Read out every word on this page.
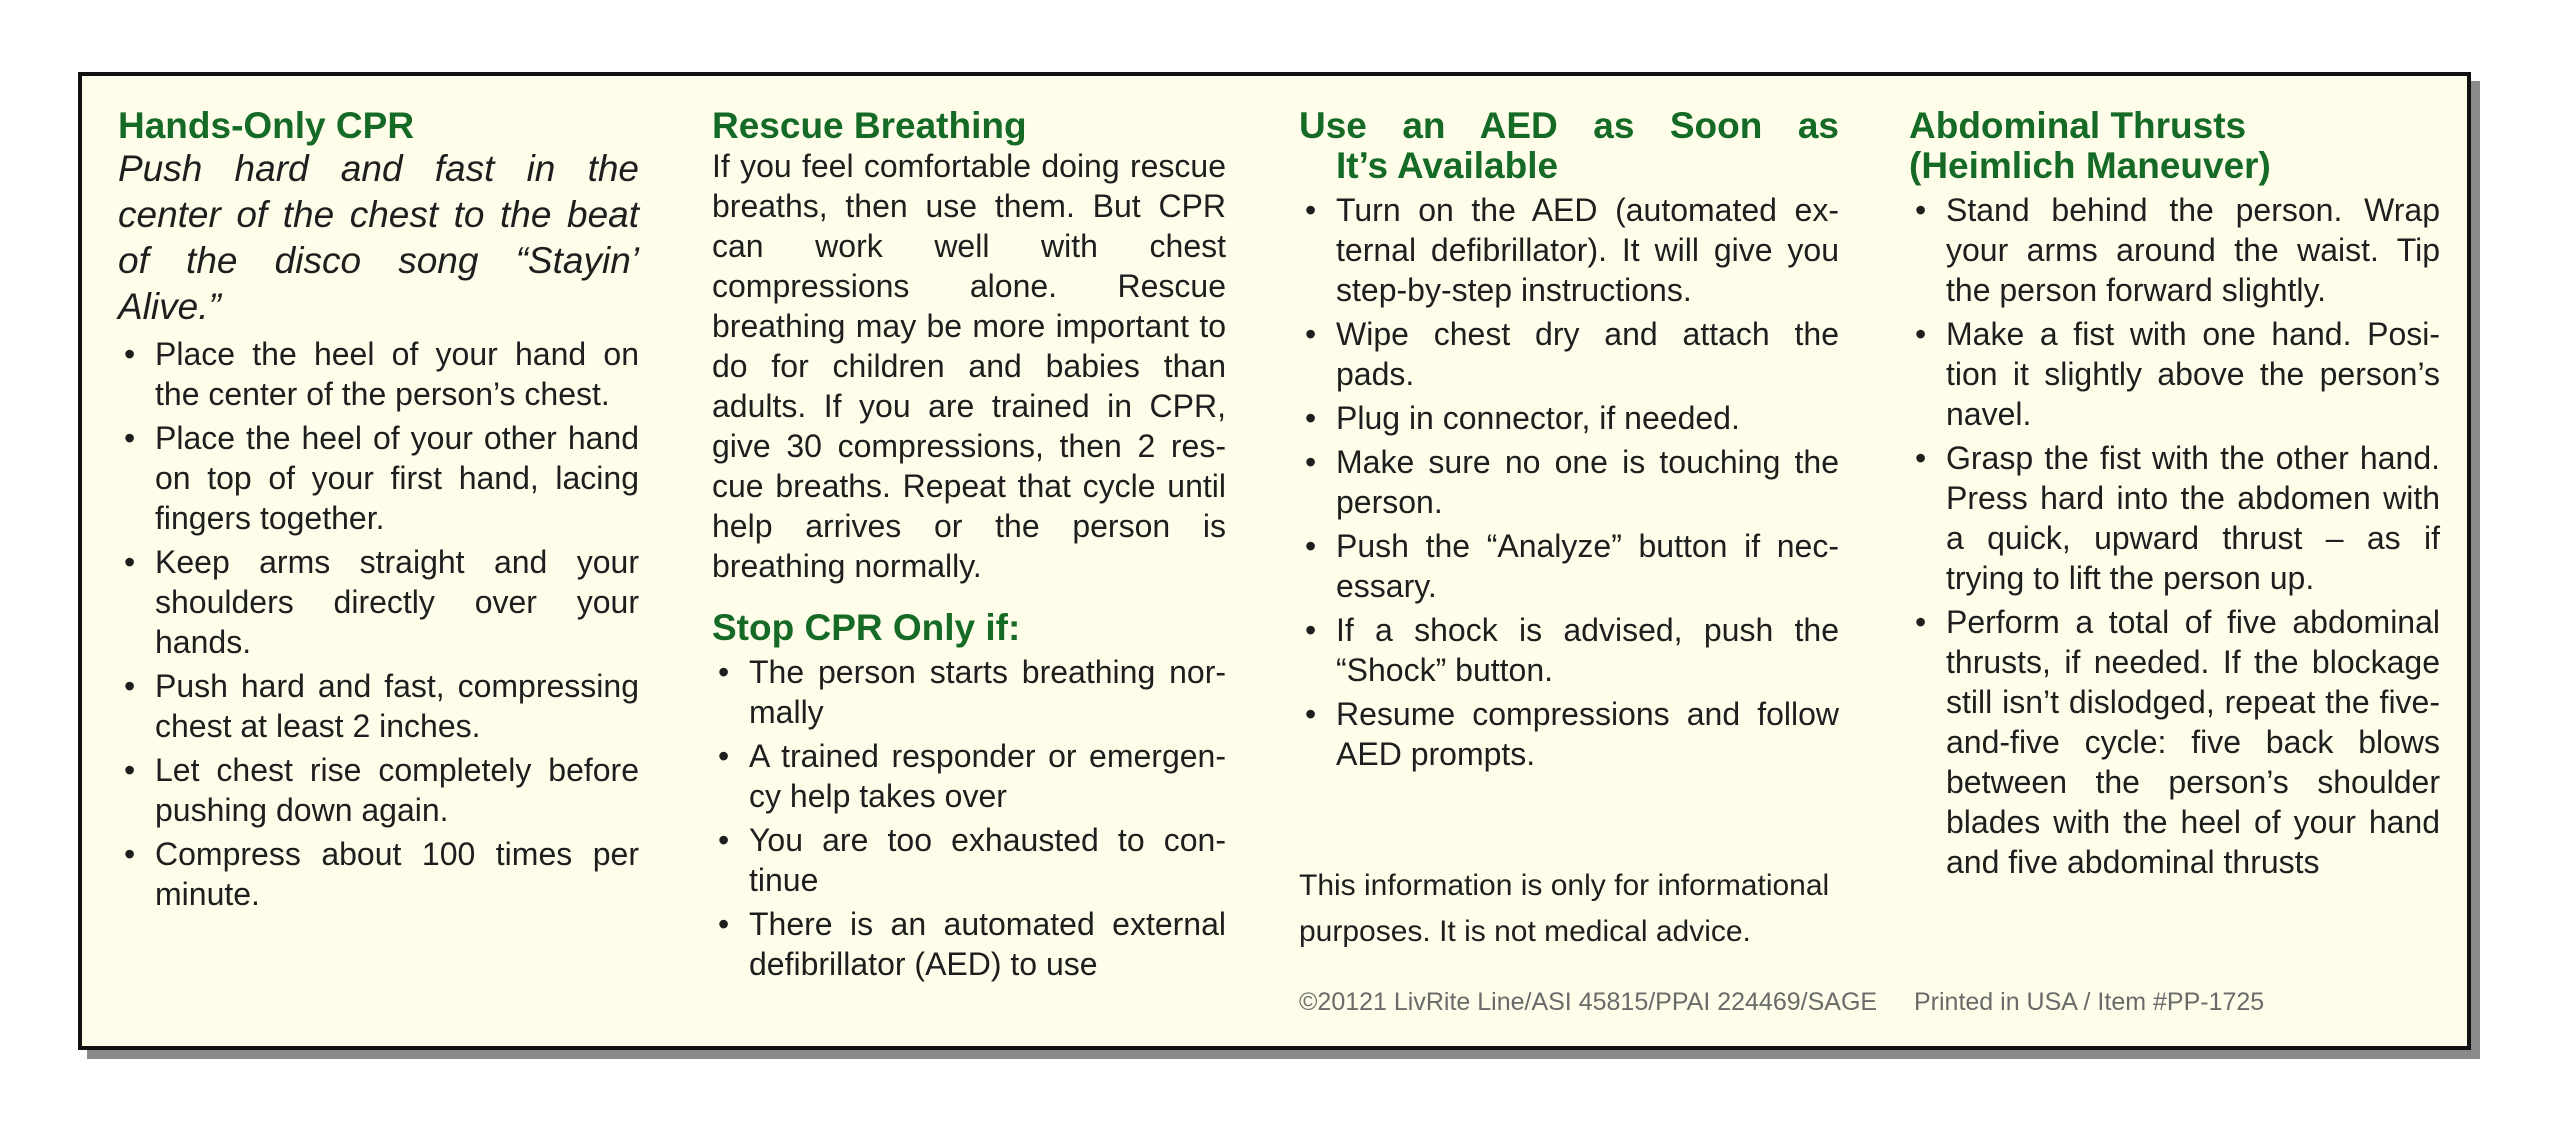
Hands-Only CPR

Push hard and fast in the center of the chest to the beat of the disco song “Stayin’ Alive.”

• Place the heel of your hand on the center of the person’s chest.
• Place the heel of your other hand on top of your first hand, lacing fingers together.
• Keep arms straight and your shoulders directly over your hands.
• Push hard and fast, compressing chest at least 2 inches.
• Let chest rise completely before pushing down again.
• Compress about 100 times per minute.
Rescue Breathing

If you feel comfortable doing rescue breaths, then use them. But CPR can work well with chest compressions alone. Rescue breathing may be more important to do for children and babies than adults. If you are trained in CPR, give 30 compressions, then 2 rescue breaths. Repeat that cycle until help arrives or the person is breathing normally.

Stop CPR Only if:
• The person starts breathing normally
• A trained responder or emergency help takes over
• You are too exhausted to continue
• There is an automated external defibrillator (AED) to use
Use an AED as Soon as
It’s Available
• Turn on the AED (automated external defibrillator). It will give you step-by-step instructions.
• Wipe chest dry and attach the pads.
• Plug in connector, if needed.
• Make sure no one is touching the person.
• Push the “Analyze” button if necessary.
• If a shock is advised, push the “Shock” button.
• Resume compressions and follow AED prompts.
Abdominal Thrusts
(Heimlich Maneuver)
• Stand behind the person. Wrap your arms around the waist. Tip the person forward slightly.
• Make a fist with one hand. Position it slightly above the person’s navel.
• Grasp the fist with the other hand. Press hard into the abdomen with a quick, upward thrust – as if trying to lift the person up.
• Perform a total of five abdominal thrusts, if needed. If the blockage still isn’t dislodged, repeat the five-and-five cycle: five back blows between the person’s shoulder blades with the heel of your hand and five abdominal thrusts

This information is only for informational purposes. It is not medical advice.

©20121 LivRite Line/ASI 45815/PPAI 224469/SAGE Printed in USA / Item #PP-1725
